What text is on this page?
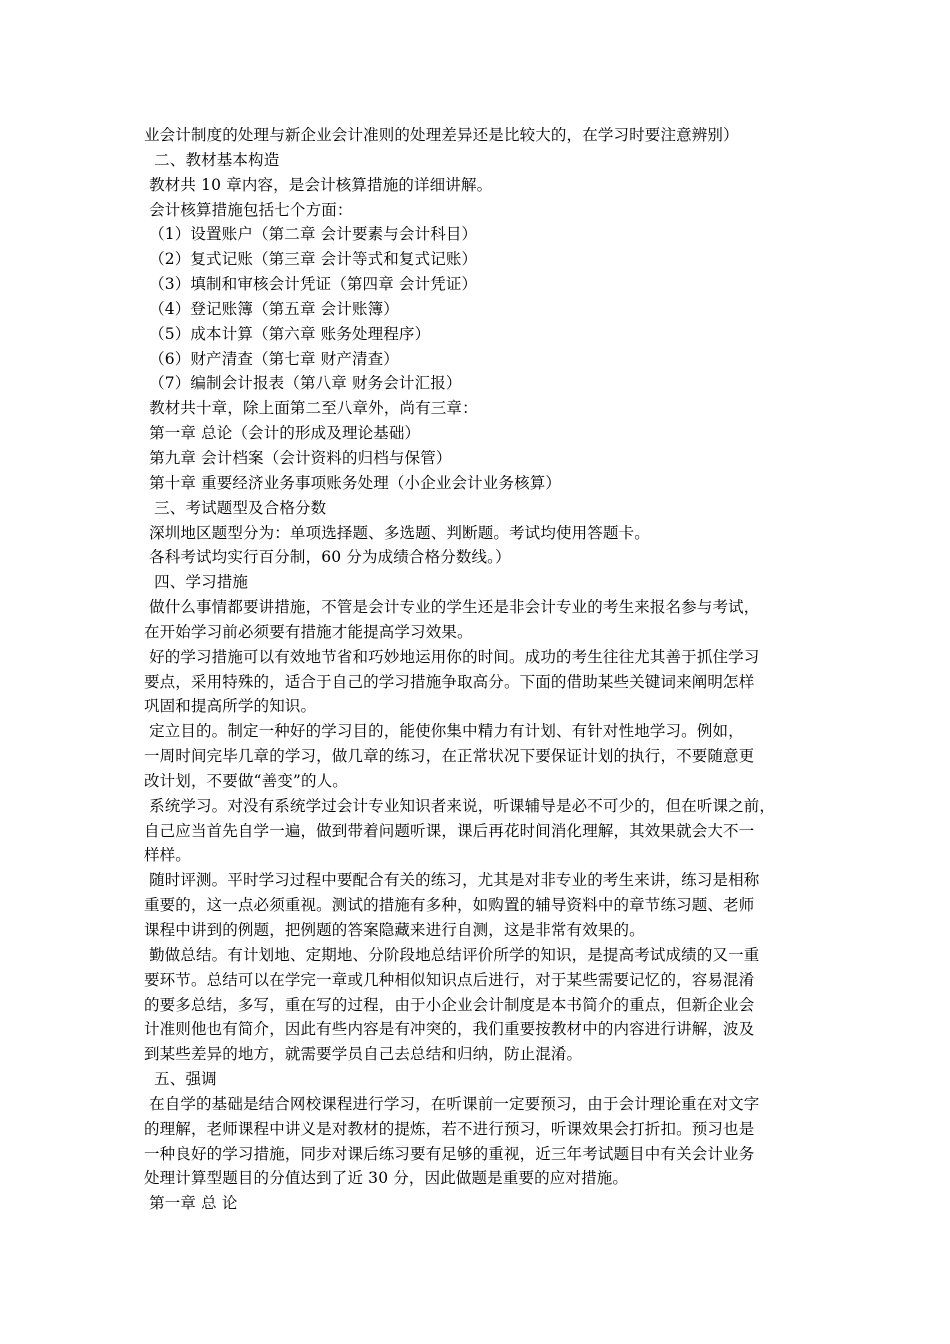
业会计制度的处理与新企业会计准则的处理差异还是比较大的，在学习时要注意辨别）
二、教材基本构造
教材共 10 章内容，是会计核算措施的详细讲解。
会计核算措施包括七个方面：
（1）设置账户（第二章 会计要素与会计科目）
（2）复式记账（第三章 会计等式和复式记账）
（3）填制和审核会计凭证（第四章 会计凭证）
（4）登记账簿（第五章 会计账簿）
（5）成本计算（第六章 账务处理程序）
（6）财产清查（第七章 财产清查）
（7）编制会计报表（第八章 财务会计汇报）
教材共十章，除上面第二至八章外，尚有三章：
第一章 总论（会计的形成及理论基础）
第九章 会计档案（会计资料的归档与保管）
第十章 重要经济业务事项账务处理（小企业会计业务核算）
三、考试题型及合格分数
深圳地区题型分为：单项选择题、多选题、判断题。考试均使用答题卡。
各科考试均实行百分制，60 分为成绩合格分数线。）
四、学习措施
做什么事情都要讲措施，不管是会计专业的学生还是非会计专业的考生来报名参与考试，
在开始学习前必须要有措施才能提高学习效果。
好的学习措施可以有效地节省和巧妙地运用你的时间。成功的考生往往尤其善于抓住学习
要点，采用特殊的，适合于自己的学习措施争取高分。下面的借助某些关键词来阐明怎样
巩固和提高所学的知识。
定立目的。制定一种好的学习目的，能使你集中精力有计划、有针对性地学习。例如，
一周时间完毕几章的学习，做几章的练习，在正常状况下要保证计划的执行，不要随意更
改计划，不要做“善变”的人。
系统学习。对没有系统学过会计专业知识者来说，听课辅导是必不可少的，但在听课之前，
自己应当首先自学一遍，做到带着问题听课，课后再花时间消化理解，其效果就会大不一
样样。
随时评测。平时学习过程中要配合有关的练习，尤其是对非专业的考生来讲，练习是相称
重要的，这一点必须重视。测试的措施有多种，如购置的辅导资料中的章节练习题、老师
课程中讲到的例题，把例题的答案隐藏来进行自测，这是非常有效果的。
勤做总结。有计划地、定期地、分阶段地总结评价所学的知识，是提高考试成绩的又一重
要环节。总结可以在学完一章或几种相似知识点后进行，对于某些需要记忆的，容易混淆
的要多总结，多写，重在写的过程，由于小企业会计制度是本书简介的重点，但新企业会
计准则他也有简介，因此有些内容是有冲突的，我们重要按教材中的内容进行讲解，波及
到某些差异的地方，就需要学员自己去总结和归纳，防止混淆。
五、强调
在自学的基础是结合网校课程进行学习，在听课前一定要预习，由于会计理论重在对文字
的理解，老师课程中讲义是对教材的提炼，若不进行预习，听课效果会打折扣。预习也是
一种良好的学习措施，同步对课后练习要有足够的重视，近三年考试题目中有关会计业务
处理计算型题目的分值达到了近 30 分，因此做题是重要的应对措施。
第一章 总 论
